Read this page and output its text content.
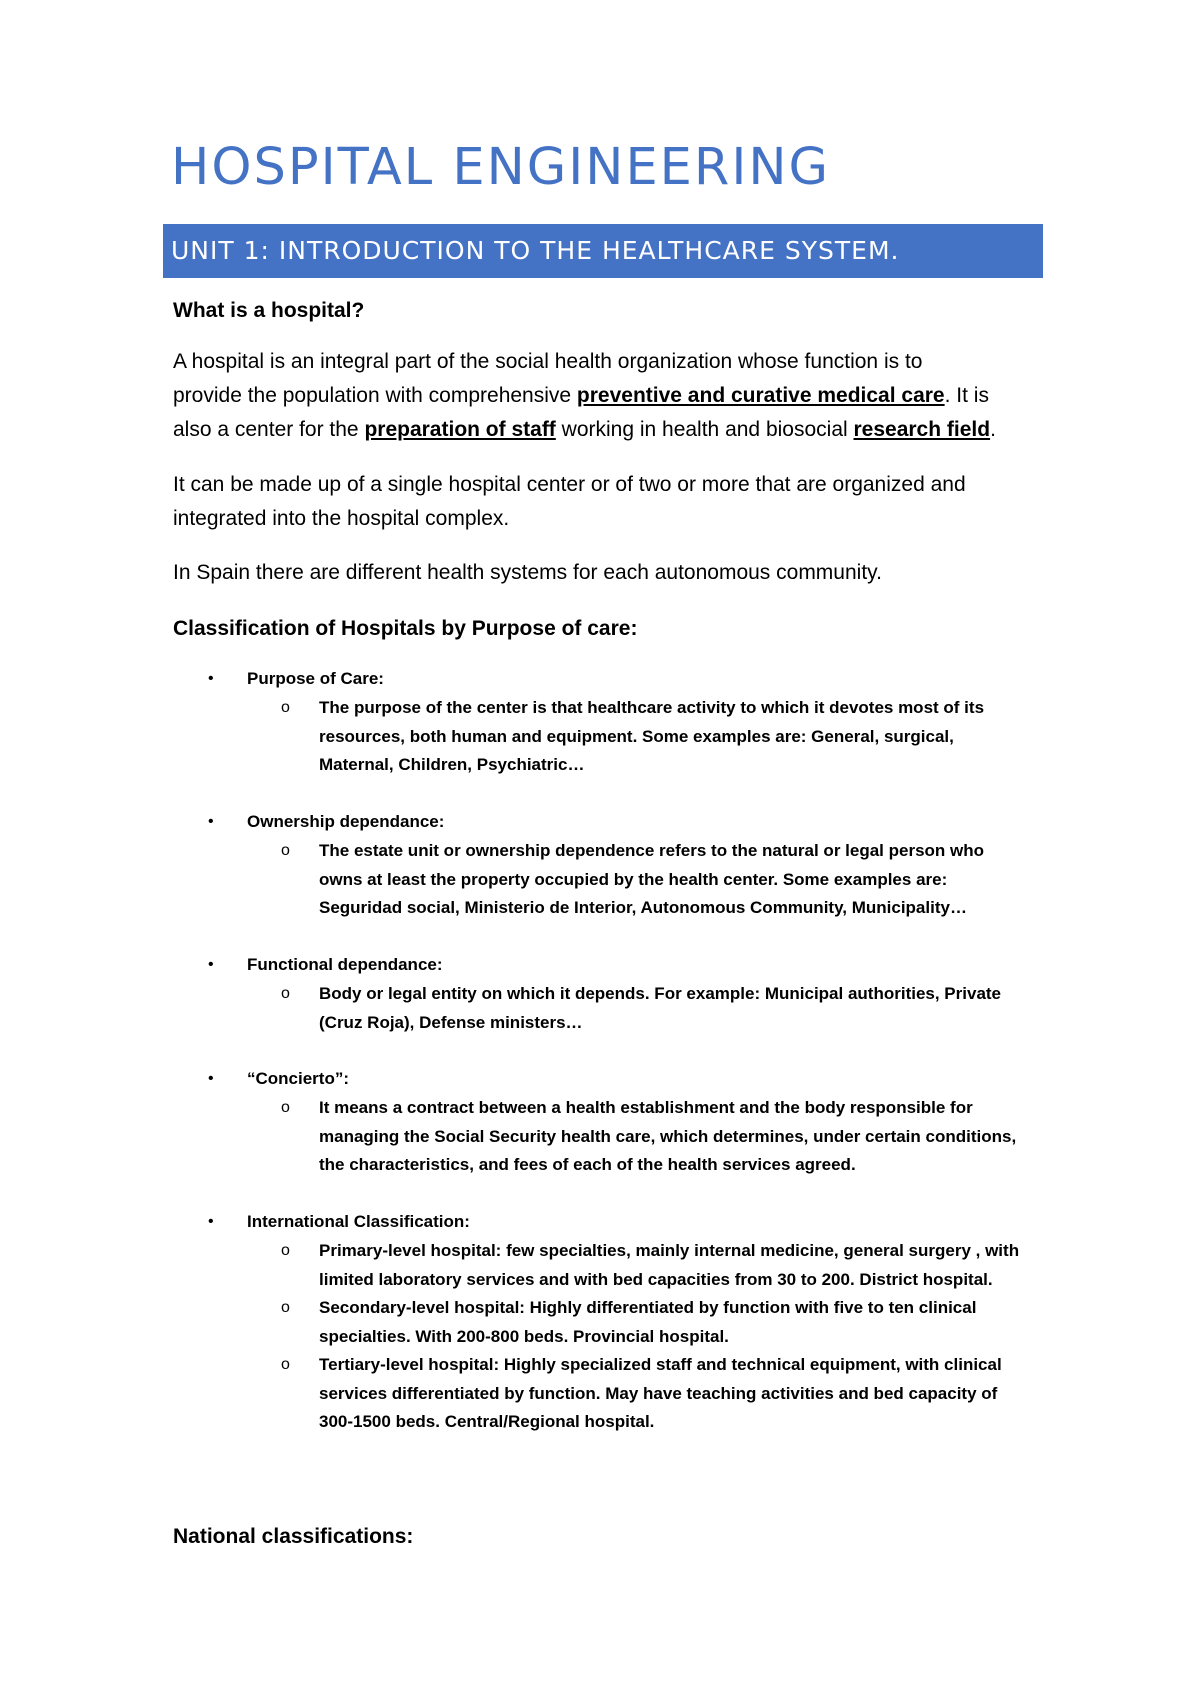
HOSPITAL ENGINEERING
UNIT 1: INTRODUCTION TO THE HEALTHCARE SYSTEM.

What is a hospital?

A hospital is an integral part of the social health organization whose function is to
provide the population with comprehensive preventive and curative medical care. It is
also a center for the preparation of staff working in health and biosocial research field.
It can be made up of a single hospital center or of two or more that are organized and
integrated into the hospital complex.
In Spain there are different health systems for each autonomous community.

Classification of Hospitals by Purpose of care:

• Purpose of Care:
o The purpose of the center is that healthcare activity to which it devotes most of its
resources, both human and equipment. Some examples are: General, surgical,
Maternal, Children, Psychiatric…
• Ownership dependance:
o The estate unit or ownership dependence refers to the natural or legal person who
owns at least the property occupied by the health center. Some examples are:
Seguridad social, Ministerio de Interior, Autonomous Community, Municipality…
• Functional dependance:
o Body or legal entity on which it depends. For example: Municipal authorities, Private
(Cruz Roja), Defense ministers…
• “Concierto”:
o It means a contract between a health establishment and the body responsible for
managing the Social Security health care, which determines, under certain conditions,
the characteristics, and fees of each of the health services agreed.
• International Classification:
o Primary-level hospital: few specialties, mainly internal medicine, general surgery , with
limited laboratory services and with bed capacities from 30 to 200. District hospital.
o Secondary-level hospital: Highly differentiated by function with five to ten clinical
specialties. With 200-800 beds. Provincial hospital.
o Tertiary-level hospital: Highly specialized staff and technical equipment, with clinical
services differentiated by function. May have teaching activities and bed capacity of
300-1500 beds. Central/Regional hospital.

National classifications:
